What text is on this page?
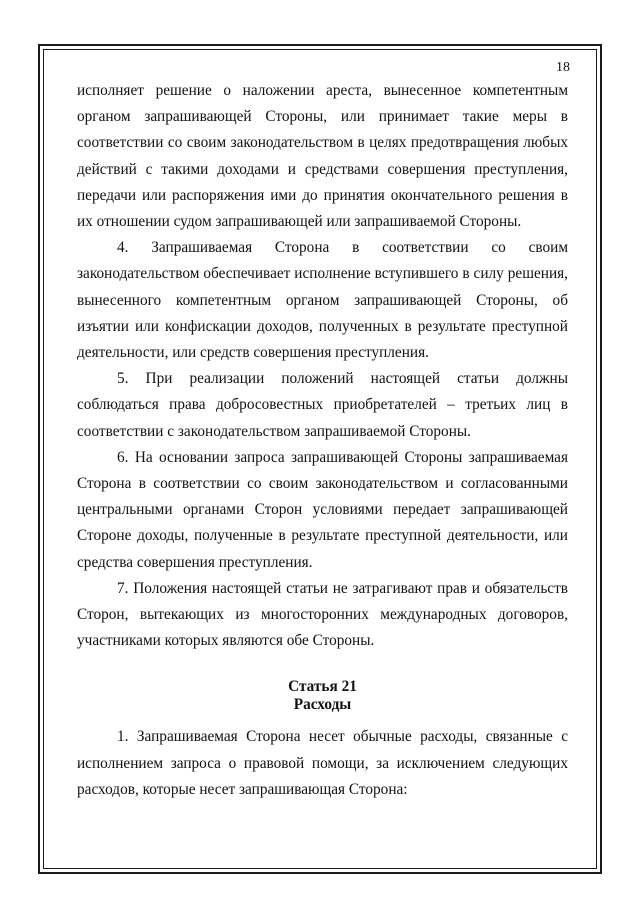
18

исполняет решение о наложении ареста, вынесенное компетентным органом запрашивающей Стороны, или принимает такие меры в соответствии со своим законодательством в целях предотвращения любых действий с такими доходами и средствами совершения преступления, передачи или распоряжения ими до принятия окончательного решения в их отношении судом запрашивающей или запрашиваемой Стороны.

4. Запрашиваемая Сторона в соответствии со своим законодательством обеспечивает исполнение вступившего в силу решения, вынесенного компетентным органом запрашивающей Стороны, об изъятии или конфискации доходов, полученных в результате преступной деятельности, или средств совершения преступления.

5. При реализации положений настоящей статьи должны соблюдаться права добросовестных приобретателей – третьих лиц в соответствии с законодательством запрашиваемой Стороны.

6. На основании запроса запрашивающей Стороны запрашиваемая Сторона в соответствии со своим законодательством и согласованными центральными органами Сторон условиями передает запрашивающей Стороне доходы, полученные в результате преступной деятельности, или средства совершения преступления.

7. Положения настоящей статьи не затрагивают прав и обязательств Сторон, вытекающих из многосторонних международных договоров, участниками которых являются обе Стороны.

Статья 21

Расходы

1. Запрашиваемая Сторона несет обычные расходы, связанные с исполнением запроса о правовой помощи, за исключением следующих расходов, которые несет запрашивающая Сторона:
